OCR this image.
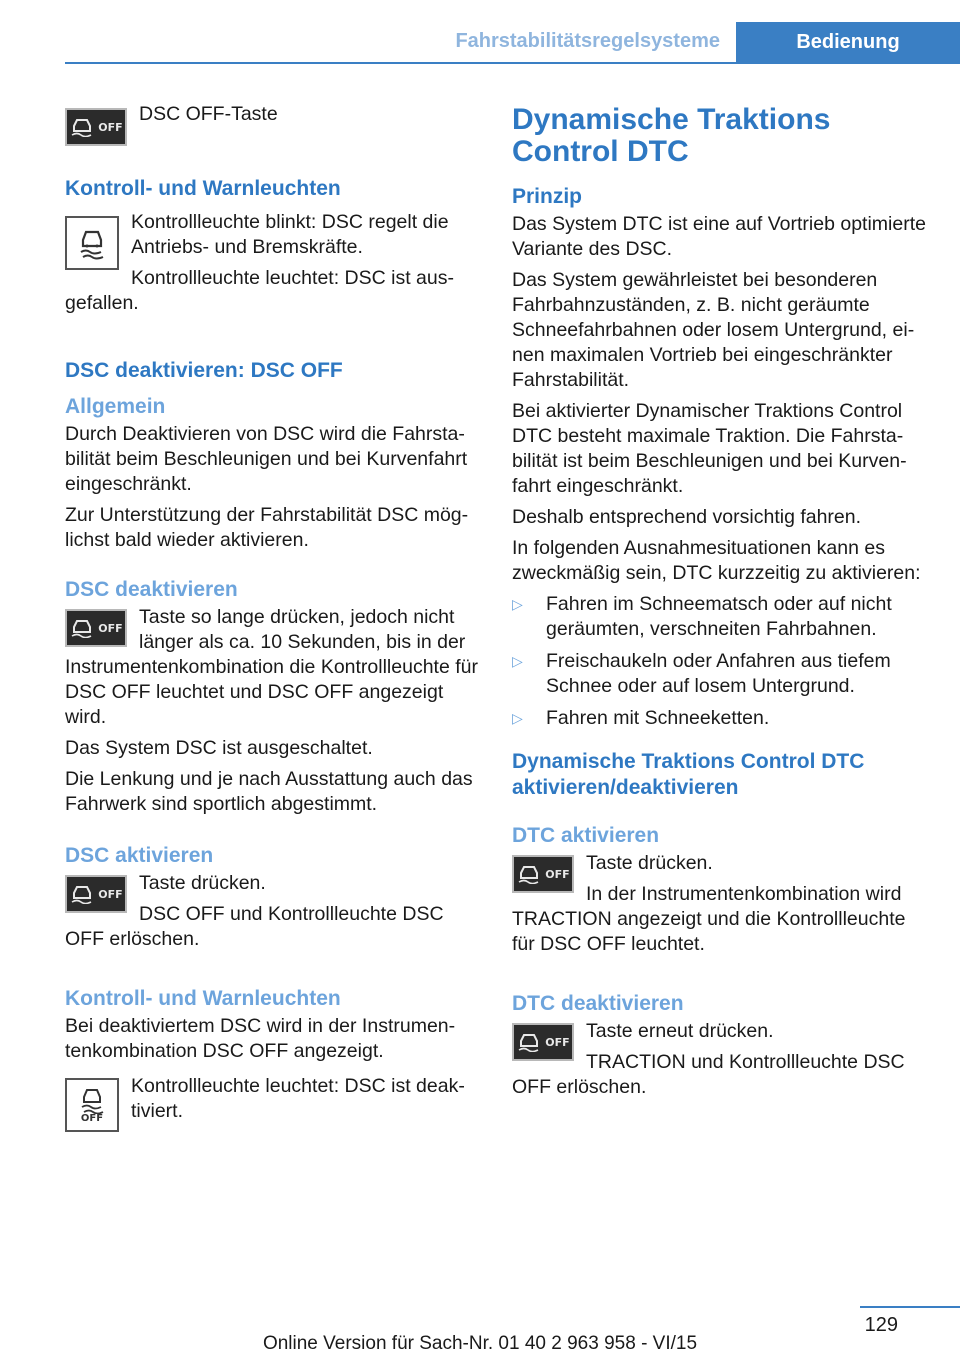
Fahrstabilitätsregelsysteme	Bedienung
OFF

DSC OFF-Taste

Kontroll- und Warnleuchten

Kontrollleuchte blinkt: DSC regelt die Antriebs- und Bremskräfte.

Kontrollleuchte leuchtet: DSC ist ausgefallen.

DSC deaktivieren: DSC OFF
Allgemein

Durch Deaktivieren von DSC wird die Fahrstabilität beim Beschleunigen und bei Kurvenfahrt eingeschränkt.

Zur Unterstützung der Fahrstabilität DSC möglichst bald wieder aktivieren.

DSC deaktivieren
OFF Taste so lange drücken, jedoch nicht länger als ca. 10 Sekunden, bis in der Instrumentenkombination die Kontrollleuchte für DSC OFF leuchtet und DSC OFF angezeigt wird.

Das System DSC ist ausgeschaltet.

Die Lenkung und je nach Ausstattung auch das Fahrwerk sind sportlich abgestimmt.

DSC aktivieren
OFF Taste drücken.

DSC OFF und Kontrollleuchte DSC OFF erlöschen.

Kontroll- und Warnleuchten

Bei deaktiviertem DSC wird in der Instrumentenkombination DSC OFF angezeigt.

OFF

Kontrollleuchte leuchtet: DSC ist deaktiviert.

Dynamische Traktions Control DTC
Prinzip

Das System DTC ist eine auf Vortrieb optimierte Variante des DSC.

Das System gewährleistet bei besonderen Fahrbahnzuständen, z. B. nicht geräumte Schneefahrbahnen oder losem Untergrund, einen maximalen Vortrieb bei eingeschränkter Fahrstabilität.

Bei aktivierter Dynamischer Traktions Control DTC besteht maximale Traktion. Die Fahrstabilität ist beim Beschleunigen und bei Kurvenfahrt eingeschränkt.

Deshalb entsprechend vorsichtig fahren.

In folgenden Ausnahmesituationen kann es zweckmäßig sein, DTC kurzzeitig zu aktivieren:

▷ Fahren im Schneematsch oder auf nicht geräumten, verschneiten Fahrbahnen.
▷ Freischaukeln oder Anfahren aus tiefem Schnee oder auf losem Untergrund.
▷ Fahren mit Schneeketten.
Dynamische Traktions Control DTC aktivieren/deaktivieren
DTC aktivieren
OFF Taste drücken.

In der Instrumentenkombination wird TRACTION angezeigt und die Kontrollleuchte für DSC OFF leuchtet.

DTC deaktivieren
OFF Taste erneut drücken.

TRACTION und Kontrollleuchte DSC OFF erlöschen.

129
Online Version für Sach-Nr. 01 40 2 963 958 - VI/15
